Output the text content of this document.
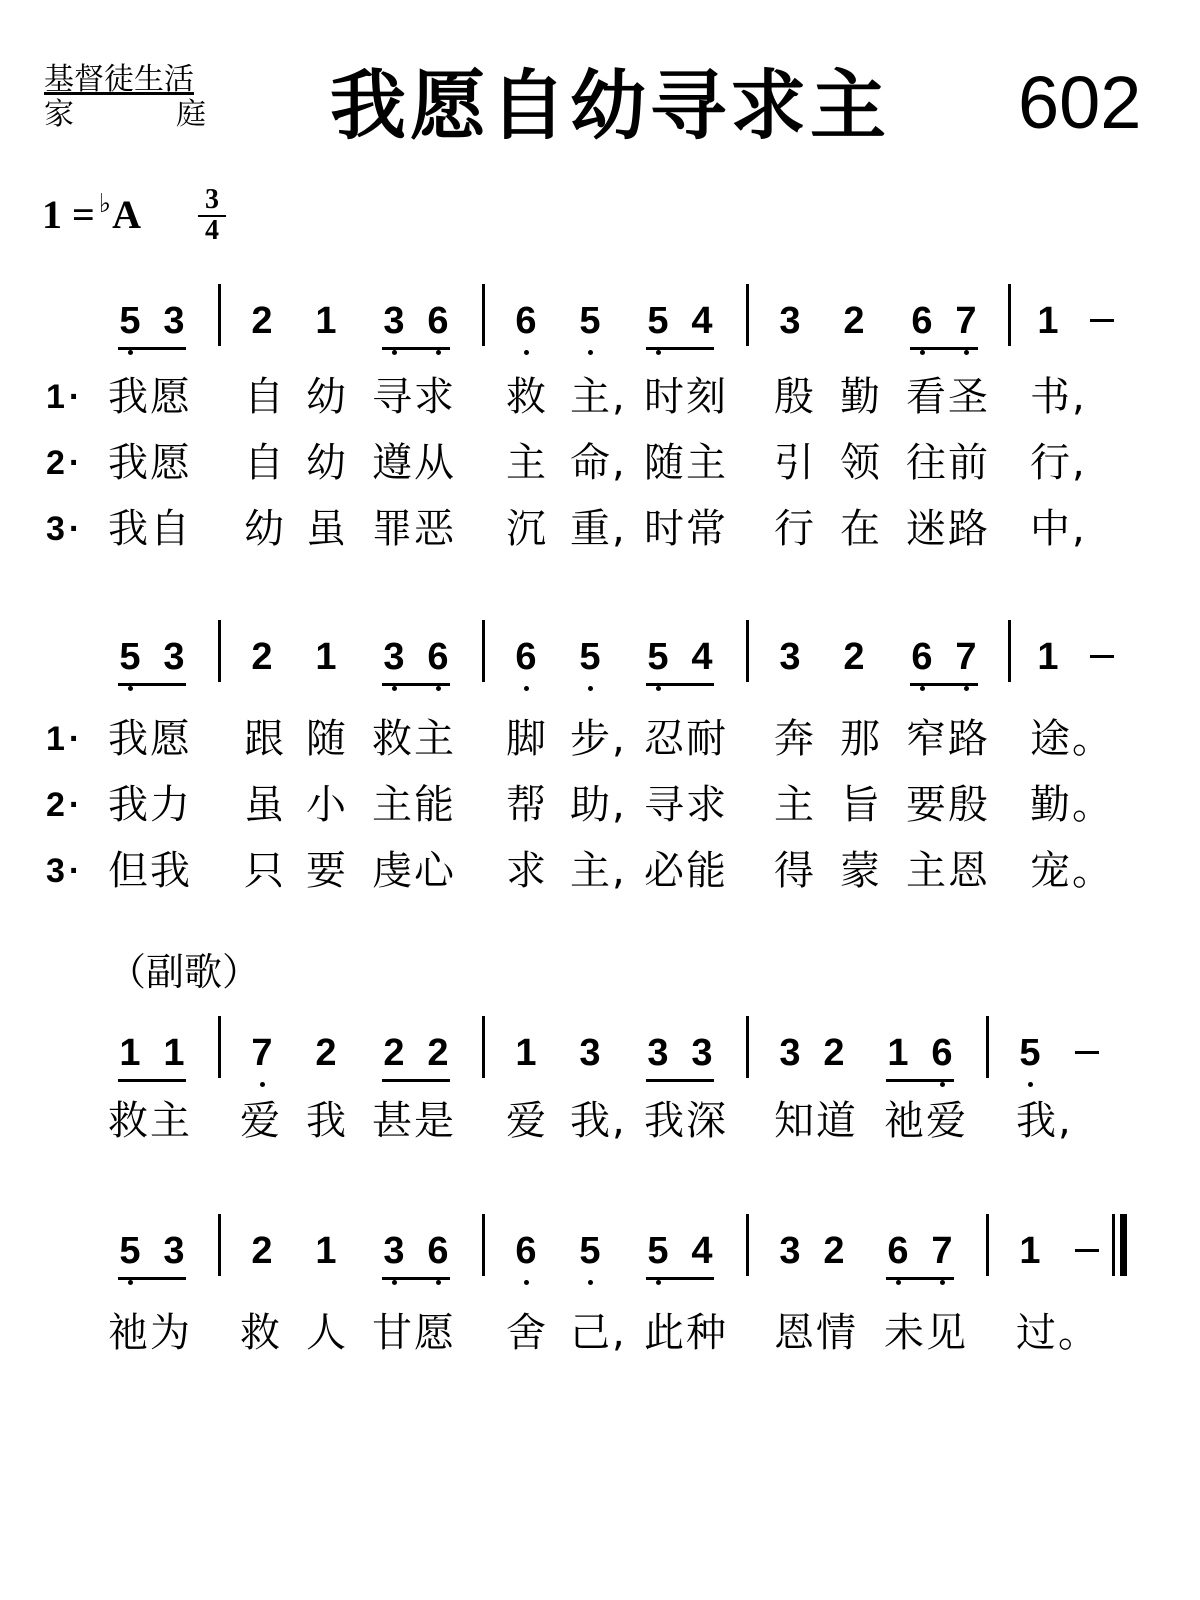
基督徒生活
家	庭 我愿自幼寻求主 602
1 = ♭A 3
4
5 3 2 1 3 6 6 5 5 4 3 2 6 7 1
1 ·	我愿 自 幼 寻求 救 主, 时刻 殷 勤 看圣 书,
2 ·	我愿 自 幼 遵从 主 命, 随主 引 领 往前 行,
3 ·	我自 幼 虽 罪恶 沉 重, 时常 行 在 迷路 中,
5 3 2 1 3 6 6 5 5 4 3 2 6 7 1
1 ·	我愿 跟 随 救主 脚 步, 忍耐 奔 那 窄路 途。
2 ·	我力 虽 小 主能 帮 助, 寻求 主 旨 要殷 勤。
3 ·	但我 只 要 虔心 求 主, 必能 得 蒙 主恩 宠。
（副歌）
1 1 7 2 2 2 1 3 3 3 3 2 1 6 5
救主 爱 我 甚是 爱 我, 我深 知道 祂爱 我,
5 3 2 1 3 6 6 5 5 4 3 2 6 7 1
祂为 救 人 甘愿 舍 己, 此种 恩情 未见 过。
